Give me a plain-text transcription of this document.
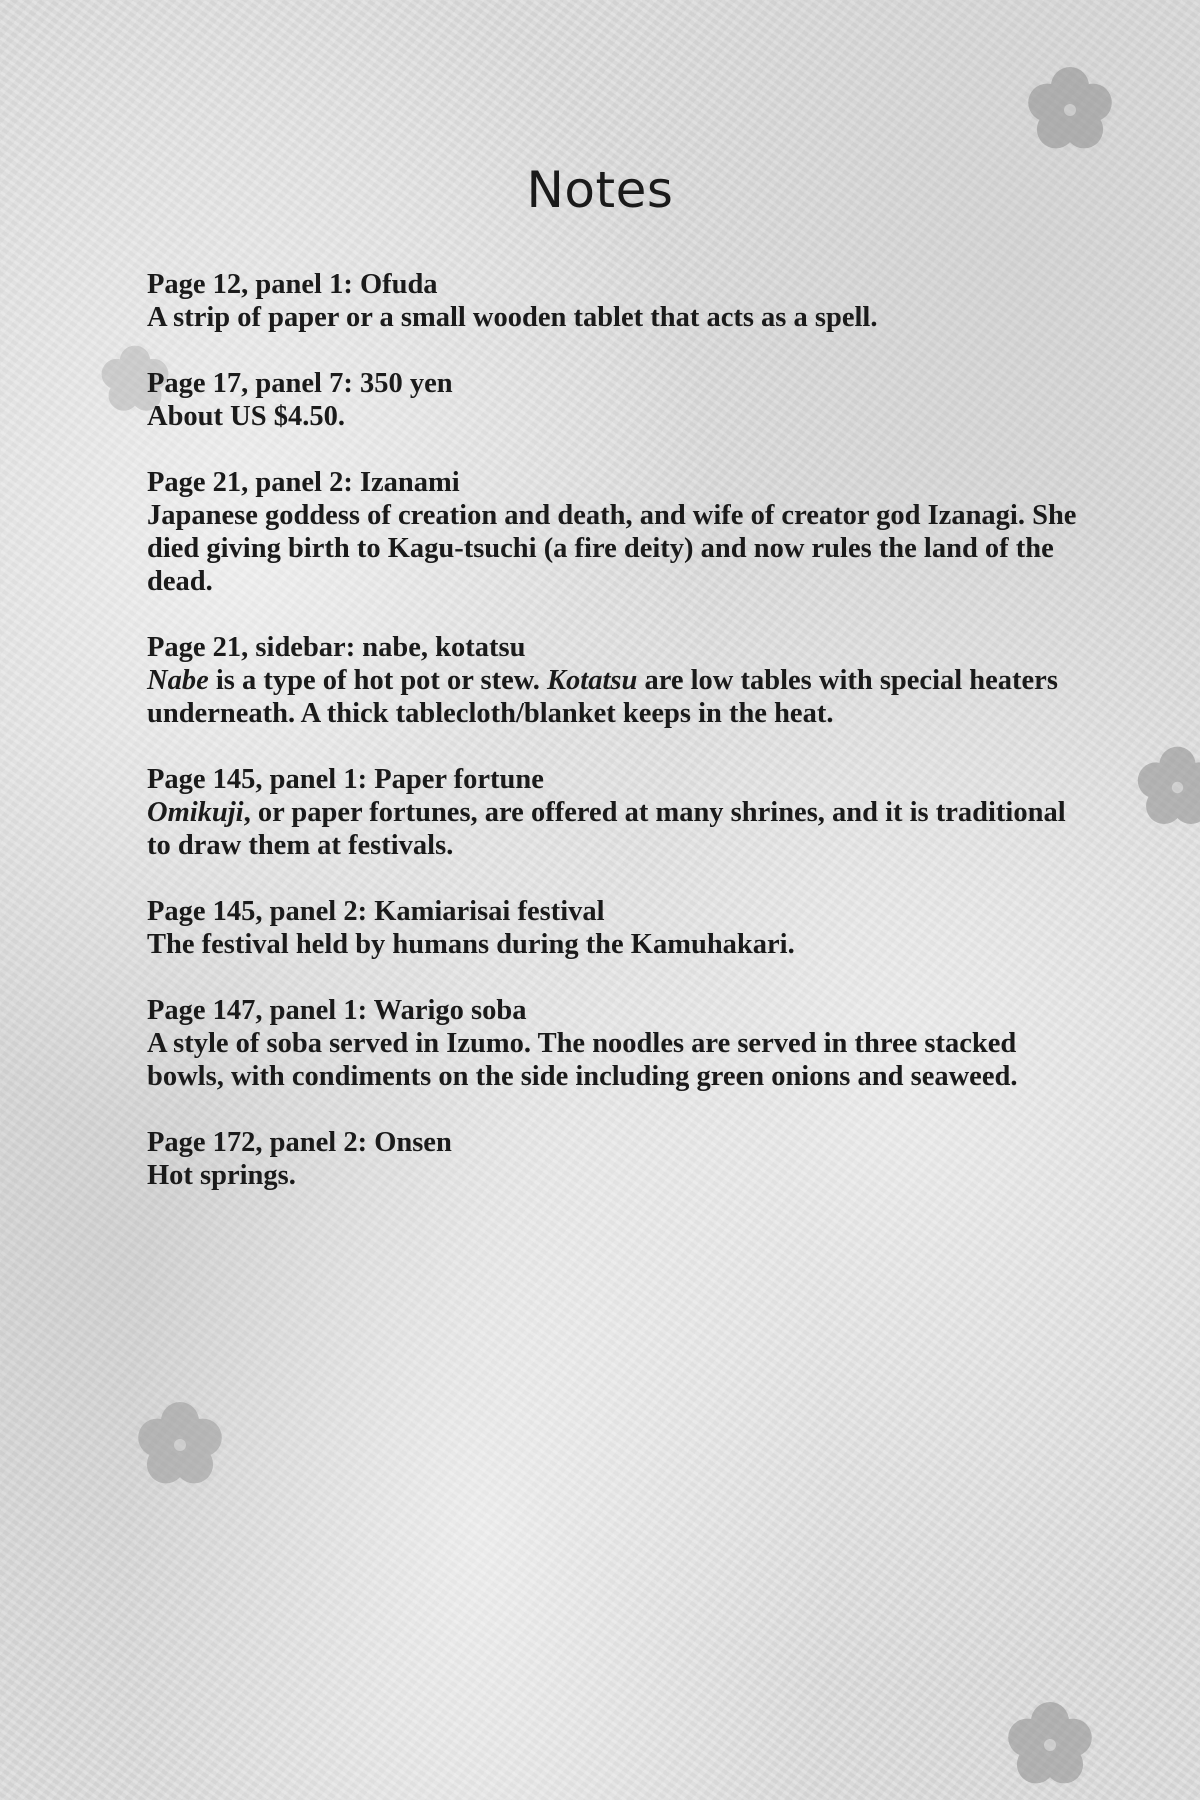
Notes

Page 12, panel 1: Ofuda

A strip of paper or a small wooden tablet that acts as a spell.

Page 17, panel 7: 350 yen

About US $4.50.

Page 21, panel 2: Izanami

Japanese goddess of creation and death, and wife of creator god Izanagi. She died giving birth to Kagu-tsuchi (a fire deity) and now rules the land of the dead.

Page 21, sidebar: nabe, kotatsu

Nabe is a type of hot pot or stew. Kotatsu are low tables with special heaters underneath. A thick tablecloth/blanket keeps in the heat.

Page 145, panel 1: Paper fortune

Omikuji, or paper fortunes, are offered at many shrines, and it is traditional to draw them at festivals.

Page 145, panel 2: Kamiarisai festival

The festival held by humans during the Kamuhakari.

Page 147, panel 1: Warigo soba

A style of soba served in Izumo. The noodles are served in three stacked bowls, with condiments on the side including green onions and seaweed.

Page 172, panel 2: Onsen

Hot springs.
